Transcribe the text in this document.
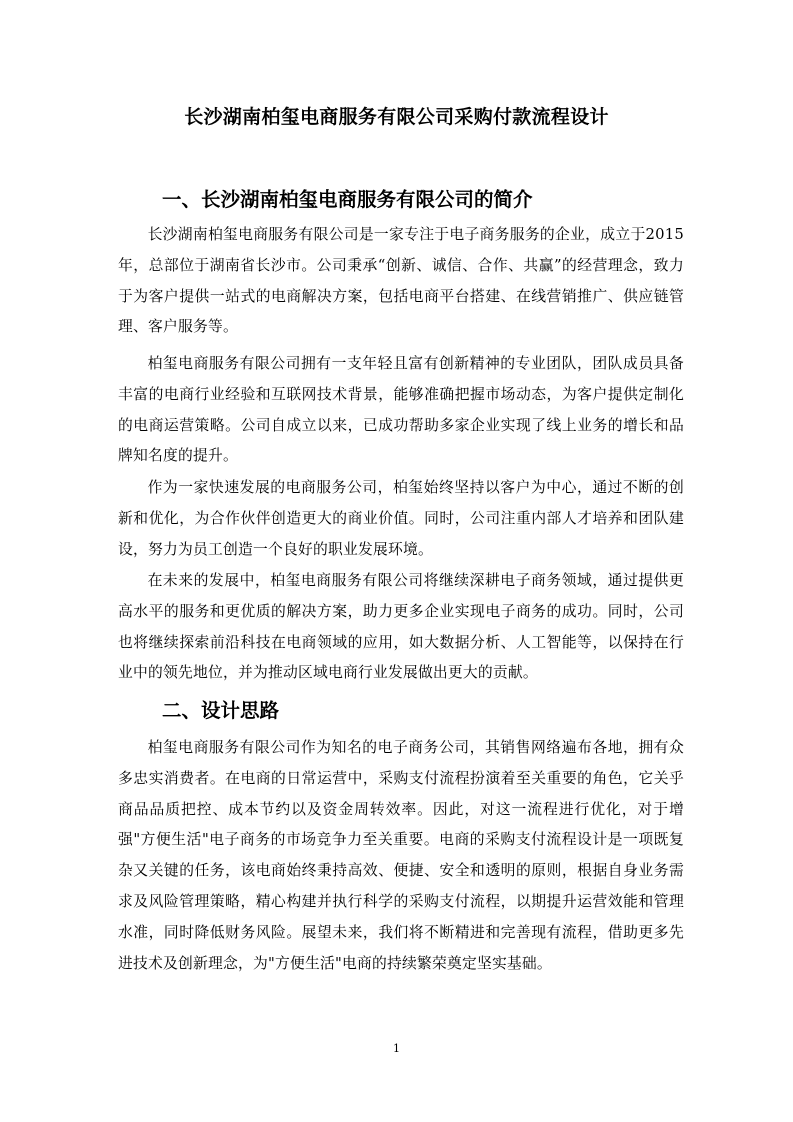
长沙湖南柏玺电商服务有限公司采购付款流程设计
一、长沙湖南柏玺电商服务有限公司的简介

长沙湖南柏玺电商服务有限公司是一家专注于电子商务服务的企业，成立于2015年，总部位于湖南省长沙市。公司秉承“创新、诚信、合作、共赢”的经营理念，致力于为客户提供一站式的电商解决方案，包括电商平台搭建、在线营销推广、供应链管理、客户服务等。

柏玺电商服务有限公司拥有一支年轻且富有创新精神的专业团队，团队成员具备丰富的电商行业经验和互联网技术背景，能够准确把握市场动态，为客户提供定制化的电商运营策略。公司自成立以来，已成功帮助多家企业实现了线上业务的增长和品牌知名度的提升。

作为一家快速发展的电商服务公司，柏玺始终坚持以客户为中心，通过不断的创新和优化，为合作伙伴创造更大的商业价值。同时，公司注重内部人才培养和团队建设，努力为员工创造一个良好的职业发展环境。

在未来的发展中，柏玺电商服务有限公司将继续深耕电子商务领域，通过提供更高水平的服务和更优质的解决方案，助力更多企业实现电子商务的成功。同时，公司也将继续探索前沿科技在电商领域的应用，如大数据分析、人工智能等，以保持在行业中的领先地位，并为推动区域电商行业发展做出更大的贡献。

二、设计思路

柏玺电商服务有限公司作为知名的电子商务公司，其销售网络遍布各地，拥有众多忠实消费者。在电商的日常运营中，采购支付流程扮演着至关重要的角色，它关乎商品品质把控、成本节约以及资金周转效率。因此，对这一流程进行优化，对于增强"方便生活"电子商务的市场竞争力至关重要。电商的采购支付流程设计是一项既复杂又关键的任务，该电商始终秉持高效、便捷、安全和透明的原则，根据自身业务需求及风险管理策略，精心构建并执行科学的采购支付流程，以期提升运营效能和管理水准，同时降低财务风险。展望未来，我们将不断精进和完善现有流程，借助更多先进技术及创新理念，为"方便生活"电商的持续繁荣奠定坚实基础。

1
